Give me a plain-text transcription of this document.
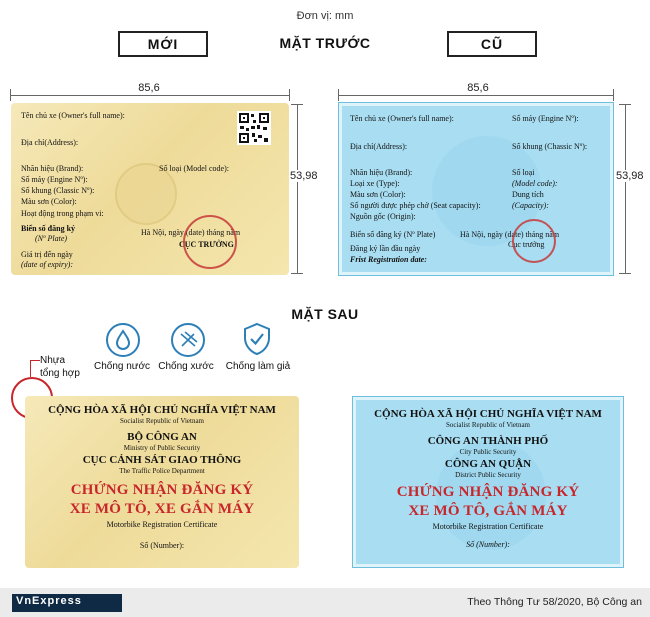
Đơn vị: mm
MỚI	MẶT TRƯỚC	CŨ
85,6	85,6
53,98	53,98
Tên chủ xe (Owner's full name):
Địa chỉ(Address):
Nhãn hiệu (Brand):	Số loại (Model code):
Số máy (Engine Nº):
Số khung (Classic Nº):
Màu sơn (Color):
Hoạt động trong phạm vi:
Biển số đăng ký
(Nº Plate)
Hà Nội, ngày (date) tháng năm
CỤC TRƯỞNG
Giá trị đến ngày
(date of expiry):
Tên chủ xe (Owner's full name):	Số máy (Engine Nº):
Địa chỉ(Address):	Số khung (Chassic Nº):
Nhãn hiệu (Brand):	Số loại
Loại xe (Type):	(Model code):
Màu sơn (Color):	Dung tích
Số người được phép chở (Seat capacity):	(Capacity):
Nguồn gốc (Origin):
Biển số đăng ký (Nº Plate)	Hà Nội, ngày (date) tháng năm
Đăng ký lần đầu ngày	Cục trưởng
Frist Registration date:
MẶT SAU
Nhựa
tổng hợp
Chống nước Chống xước	Chống làm giả
CỘNG HÒA XÃ HỘI CHỦ NGHĨA VIỆT NAM
Socialist Republic of Vietnam
BỘ CÔNG AN
Ministry of Public Security
CỤC CẢNH SÁT GIAO THÔNG
The Traffic Police Department
CHỨNG NHẬN ĐĂNG KÝ
XE MÔ TÔ, XE GẮN MÁY
Motorbike Registration Certificate
Số (Number):
CỘNG HÒA XÃ HỘI CHỦ NGHĨA VIỆT NAM
Socialist Republic of Vietnam
CÔNG AN THÀNH PHỐ
City Public Security
CÔNG AN QUẬN
District Public Security
CHỨNG NHẬN ĐĂNG KÝ
XE MÔ TÔ, GẮN MÁY
Motorbike Registration Certificate
Số (Number):
VnExpress	Theo Thông Tư 58/2020, Bộ Công an
